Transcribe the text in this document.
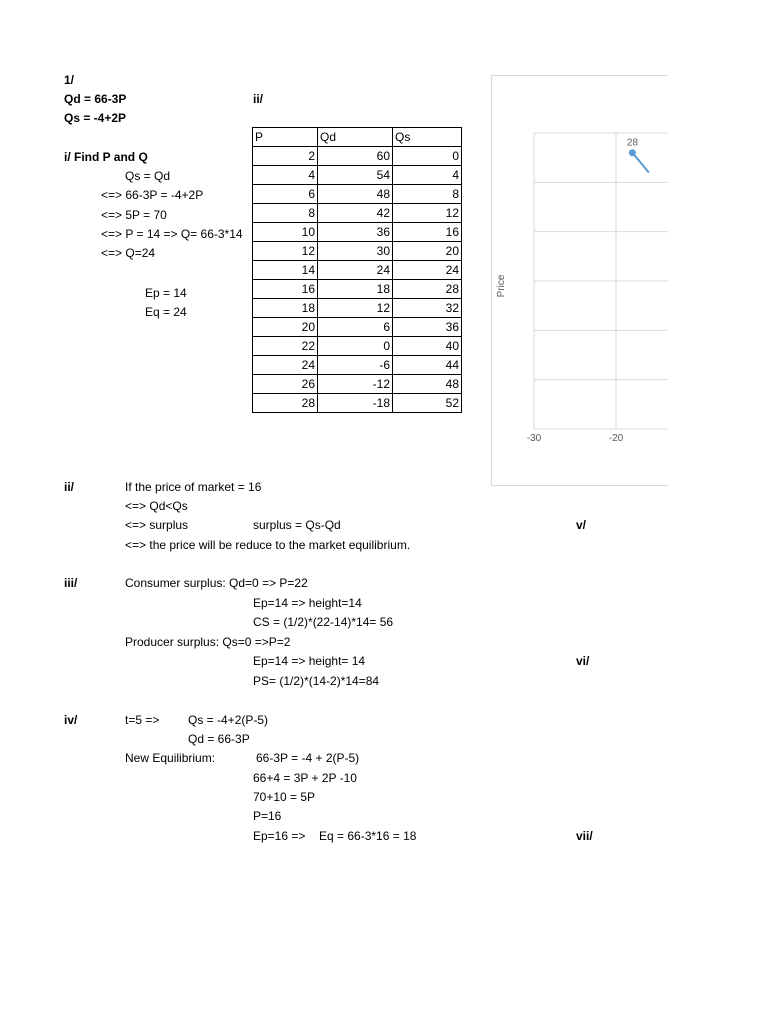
1/
Qd = 66-3P
Qs = -4+2P
ii/
i/ Find P and Q
Qs = Qd
<=> 66-3P = -4+2P
<=> 5P = 70
<=> P = 14 => Q= 66-3*14
<=> Q=24
Ep = 14
Eq = 24
P	Qd	Qs
2	60	0
4	54	4
6	48	8
8	42	12
10	36	16
12	30	20
14	24	24
16	18	28
18	12	32
20	6	36
22	0	40
24	-6	44
26	-12	48
28	-18	52
Price
-30	-20
28
ii/	If the price of market = 16
<=> Qd<Qs
<=> surplus	surplus = Qs-Qd
<=> the price will be reduce to the market equilibrium.
iii/	Consumer surplus: Qd=0 => P=22
Ep=14 => height=14
CS = (1/2)*(22-14)*14= 56
Producer surplus: Qs=0 =>P=2
Ep=14 => height= 14
PS= (1/2)*(14-2)*14=84
iv/	t=5 => Qs = -4+2(P-5)
Qd = 66-3P
New Equilibrium:	66-3P = -4 + 2(P-5)
66+4 = 3P + 2P -10
70+10 = 5P
P=16
Ep=16 => Eq = 66-3*16 = 18
v/
vi/
vii/
